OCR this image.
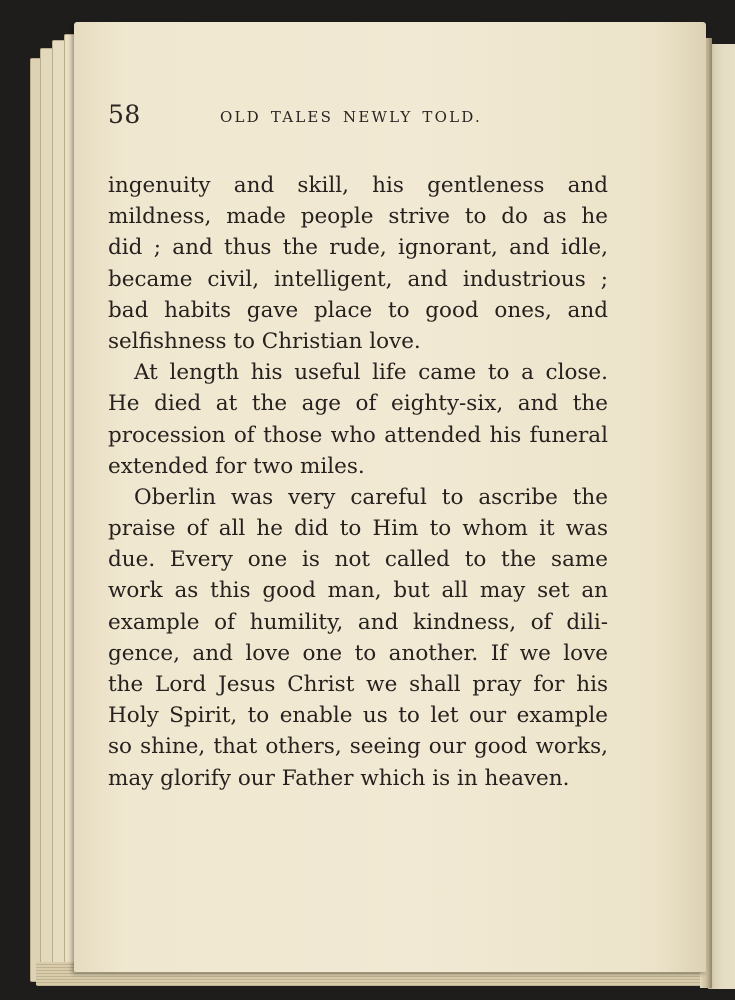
58	OLD TALES NEWLY TOLD.
ingenuity and skill, his gentleness and
mildness, made people strive to do as he
did ; and thus the rude, ignorant, and idle,
became civil, intelligent, and industrious ;
bad habits gave place to good ones, and
selfishness to Christian love.
At length his useful life came to a close.
He died at the age of eighty-six, and the
procession of those who attended his funeral
extended for two miles.
Oberlin was very careful to ascribe the
praise of all he did to Him to whom it was
due. Every one is not called to the same
work as this good man, but all may set an
example of humility, and kindness, of dili-
gence, and love one to another. If we love
the Lord Jesus Christ we shall pray for his
Holy Spirit, to enable us to let our example
so shine, that others, seeing our good works,
may glorify our Father which is in heaven.
